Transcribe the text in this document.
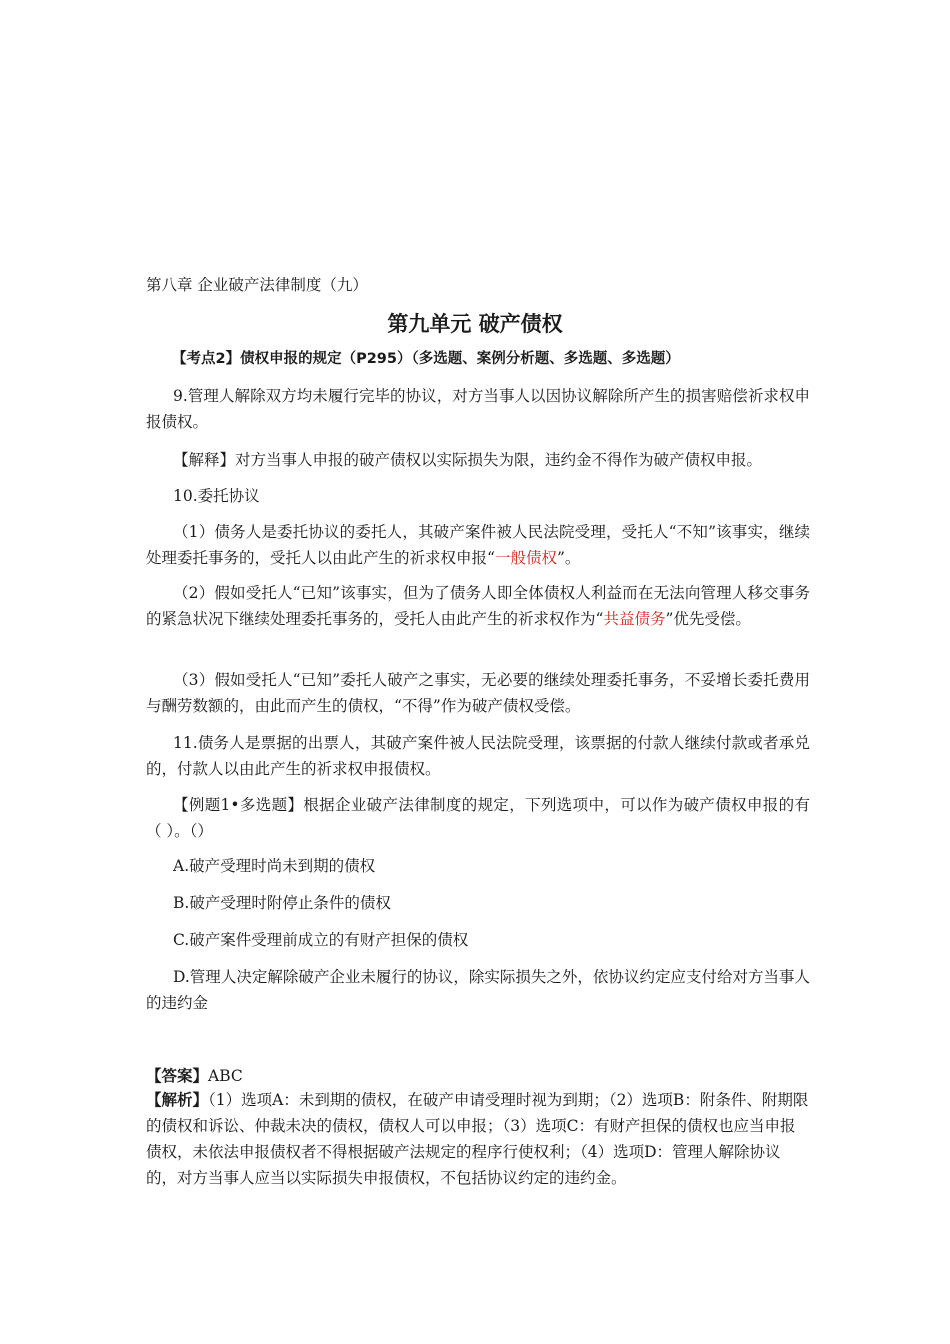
第八章 企业破产法律制度（九）
第九单元 破产债权
【考点2】债权申报的规定（P295）（多选题、案例分析题、多选题、多选题）
9.管理人解除双方均未履行完毕的协议，对方当事人以因协议解除所产生的损害赔偿祈求权申报债权。
【解释】对方当事人申报的破产债权以实际损失为限，违约金不得作为破产债权申报。
10.委托协议
（1）债务人是委托协议的委托人，其破产案件被人民法院受理，受托人“不知”该事实，继续处理委托事务的，受托人以由此产生的祈求权申报“一般债权”。
（2）假如受托人“已知”该事实，但为了债务人即全体债权人利益而在无法向管理人移交事务的紧急状况下继续处理委托事务的，受托人由此产生的祈求权作为“共益债务”优先受偿。
（3）假如受托人“已知”委托人破产之事实，无必要的继续处理委托事务，不妥增长委托费用与酬劳数额的，由此而产生的债权，“不得”作为破产债权受偿。
11.债务人是票据的出票人，其破产案件被人民法院受理，该票据的付款人继续付款或者承兑的，付款人以由此产生的祈求权申报债权。
【例题1•多选题】根据企业破产法律制度的规定，下列选项中，可以作为破产债权申报的有（ ）。（）
A.破产受理时尚未到期的债权
B.破产受理时附停止条件的债权
C.破产案件受理前成立的有财产担保的债权
D.管理人决定解除破产企业未履行的协议，除实际损失之外，依协议约定应支付给对方当事人的违约金
【答案】ABC
【解析】（1）选项A：未到期的债权，在破产申请受理时视为到期；（2）选项B：附条件、附期限的债权和诉讼、仲裁未决的债权，债权人可以申报；（3）选项C：有财产担保的债权也应当申报债权，未依法申报债权者不得根据破产法规定的程序行使权利；（4）选项D：管理人解除协议的，对方当事人应当以实际损失申报债权，不包括协议约定的违约金。
